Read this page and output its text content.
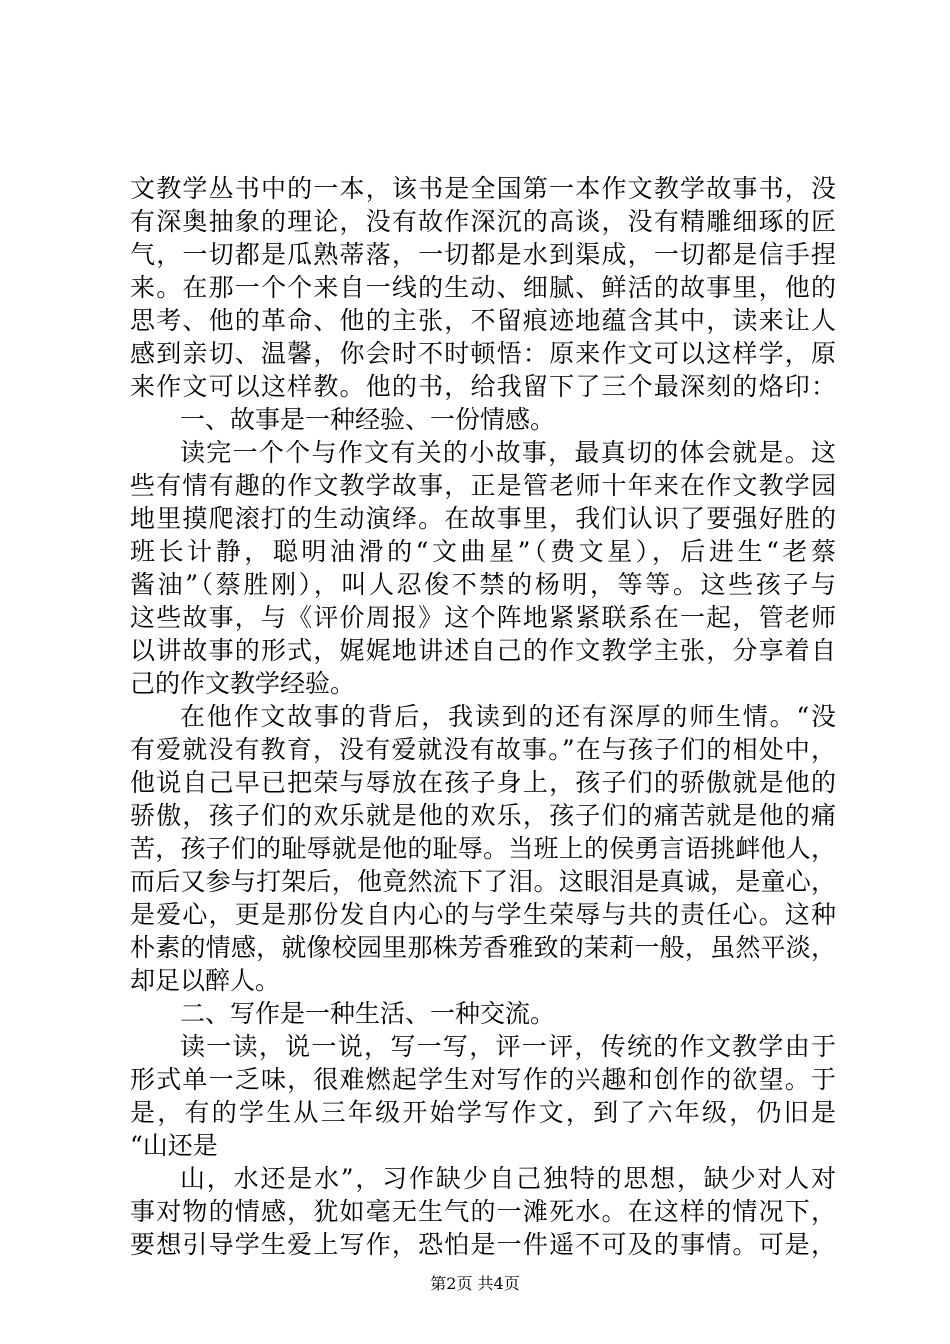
文教学丛书中的一本，该书是全国第一本作文教学故事书，没
有深奥抽象的理论，没有故作深沉的高谈，没有精雕细琢的匠
气，一切都是瓜熟蒂落，一切都是水到渠成，一切都是信手捏
来。在那一个个来自一线的生动、细腻、鲜活的故事里，他的
思考、他的革命、他的主张，不留痕迹地蕴含其中，读来让人
感到亲切、温馨，你会时不时顿悟：原来作文可以这样学，原
来作文可以这样教。他的书，给我留下了三个最深刻的烙印：
一、故事是一种经验、一份情感。
读完一个个与作文有关的小故事，最真切的体会就是。这
些有情有趣的作文教学故事，正是管老师十年来在作文教学园
地里摸爬滚打的生动演绎。在故事里，我们认识了要强好胜的
班长计静，聪明油滑的“文曲星”（费文星），后进生“老蔡
酱油”（蔡胜刚），叫人忍俊不禁的杨明，等等。这些孩子与
这些故事，与《评价周报》这个阵地紧紧联系在一起，管老师
以讲故事的形式，娓娓地讲述自己的作文教学主张，分享着自
己的作文教学经验。
在他作文故事的背后，我读到的还有深厚的师生情。“没
有爱就没有教育，没有爱就没有故事。”在与孩子们的相处中，
他说自己早已把荣与辱放在孩子身上，孩子们的骄傲就是他的
骄傲，孩子们的欢乐就是他的欢乐，孩子们的痛苦就是他的痛
苦，孩子们的耻辱就是他的耻辱。当班上的侯勇言语挑衅他人，
而后又参与打架后，他竟然流下了泪。这眼泪是真诚，是童心，
是爱心，更是那份发自内心的与学生荣辱与共的责任心。这种
朴素的情感，就像校园里那株芳香雅致的茉莉一般，虽然平淡，
却足以醉人。
二、写作是一种生活、一种交流。
读一读，说一说，写一写，评一评，传统的作文教学由于
形式单一乏味，很难燃起学生对写作的兴趣和创作的欲望。于
是，有的学生从三年级开始学写作文，到了六年级，仍旧是
“山还是
山，水还是水”，习作缺少自己独特的思想，缺少对人对
事对物的情感，犹如毫无生气的一滩死水。在这样的情况下，
要想引导学生爱上写作，恐怕是一件遥不可及的事情。可是，
第2页 共4页
